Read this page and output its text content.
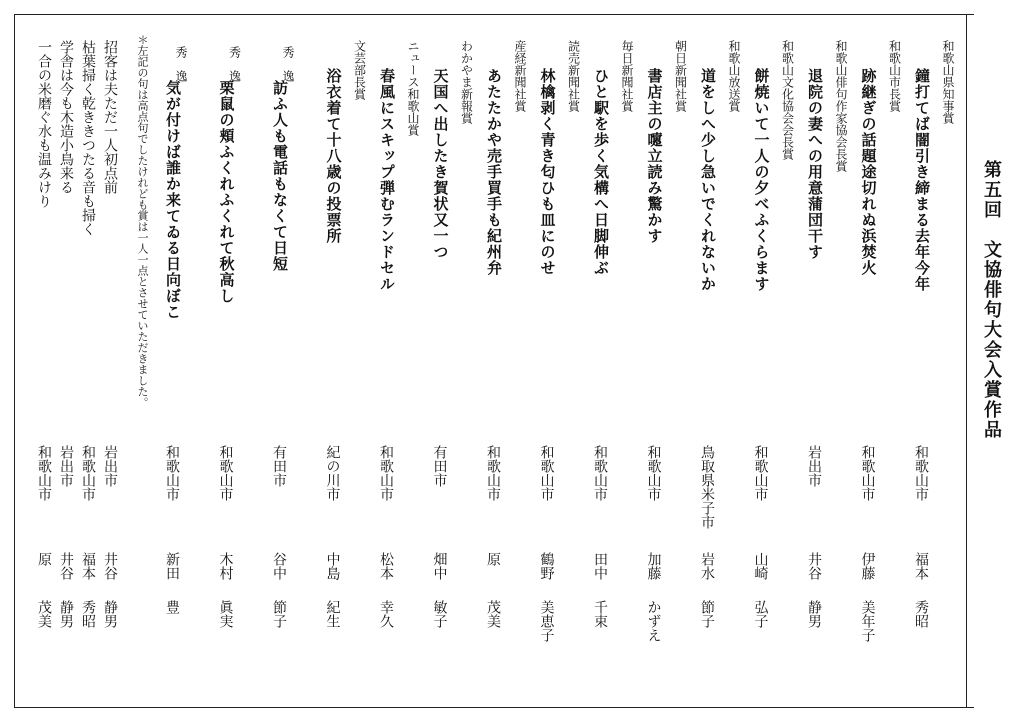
第五回　文協俳句大会入賞作品
和歌山県知事賞
鐘打てば闇引き締まる去年今年
和歌山市
福本
秀昭
和歌山市長賞
跡継ぎの話題途切れぬ浜焚火
和歌山市
伊藤
美年子
和歌山俳句作家協会長賞
退院の妻への用意蒲団干す
岩出市
井谷
静男
和歌山文化協会会長賞
餅焼いて一人の夕べふくらます
和歌山市
山崎
弘子
和歌山放送賞
道をしへ少し急いでくれないか
鳥取県米子市
岩水
節子
朝日新聞社賞
書店主の嚔立読み驚かす
和歌山市
加藤
かずえ
毎日新聞社賞
ひと駅を歩く気構へ日脚伸ぶ
和歌山市
田中
千束
読売新聞社賞
林檎剥く青き匂ひも皿にのせ
和歌山市
鶴野
美恵子
産経新聞社賞
あたたかや売手買手も紀州弁
和歌山市
原
茂美
わかやま新報賞
天国へ出したき賀状又一つ
有田市
畑中
敏子
ニュース和歌山賞
春風にスキップ弾むランドセル
和歌山市
松本
幸久
文芸部長賞
浴衣着て十八歳の投票所
紀の川市
中島
紀生
秀　逸
訪ふ人も電話もなくて日短
有田市
谷中
節子
秀　逸
栗鼠の頬ふくれふくれて秋高し
和歌山市
木村
眞実
秀　逸
気が付けば誰か来てゐる日向ぼこ
和歌山市
新田
豊
＊左記の句は高点句でしたけれども賞は一人一点とさせていただきました。
招客は夫ただ一人初点前
岩出市
井谷
静男
枯葉掃く乾ききつたる音も掃く
和歌山市
福本
秀昭
学舎は今も木造小鳥来る
岩出市
井谷
静男
一合の米磨ぐ水も温みけり
和歌山市
原
茂美
